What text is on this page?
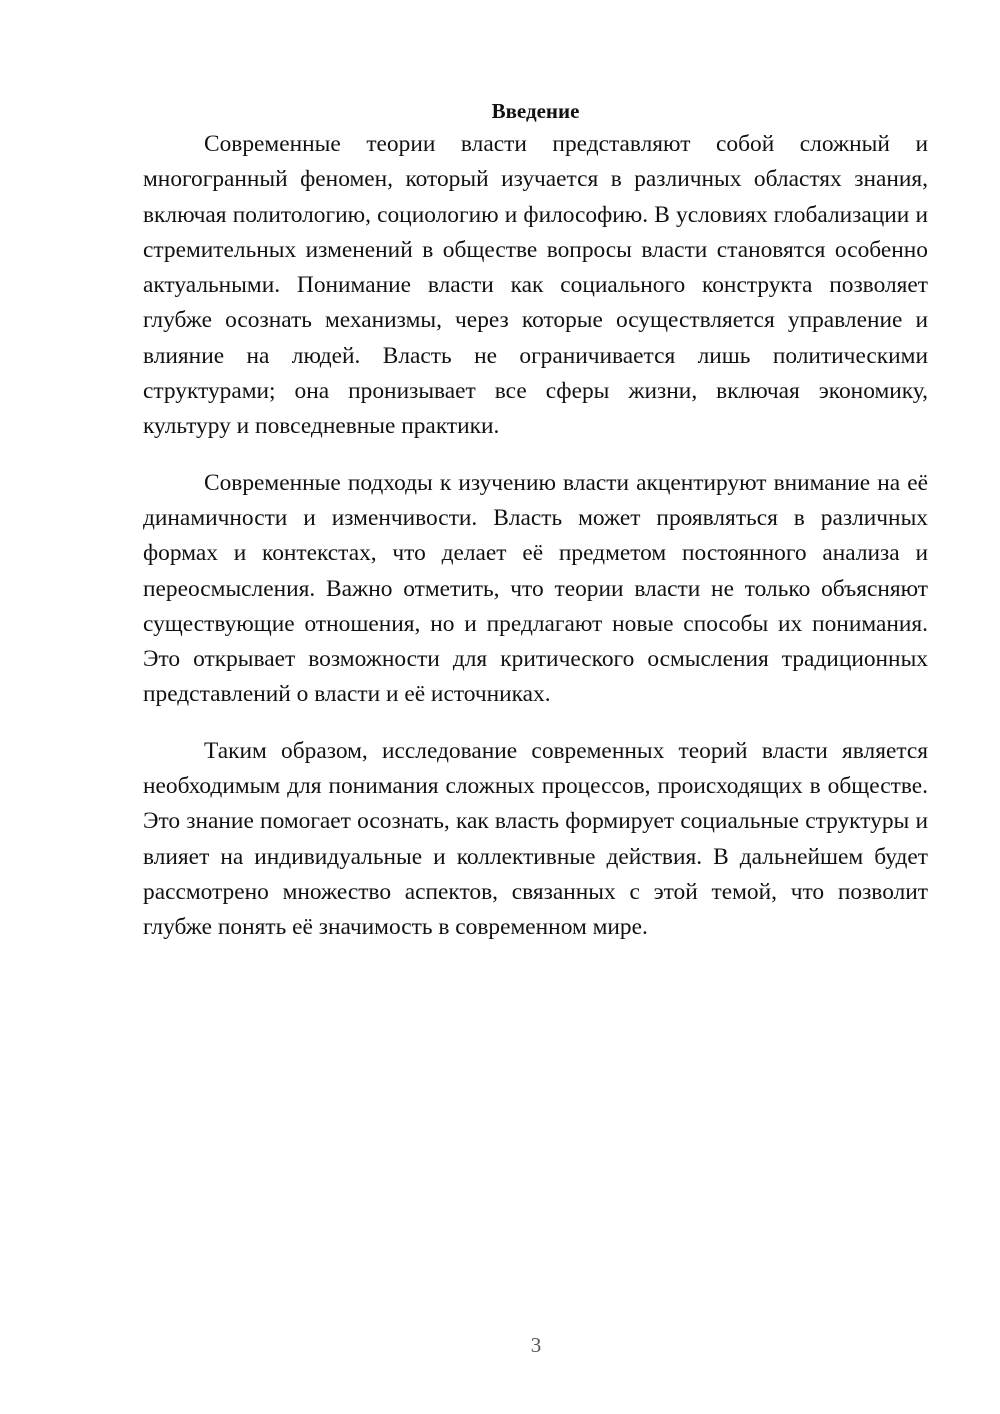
Введение

Современные теории власти представляют собой сложный и многогранный феномен, который изучается в различных областях знания, включая политологию, социологию и философию. В условиях глобализации и стремительных изменений в обществе вопросы власти становятся особенно актуальными. Понимание власти как социального конструкта позволяет глубже осознать механизмы, через которые осуществляется управление и влияние на людей. Власть не ограничивается лишь политическими структурами; она пронизывает все сферы жизни, включая экономику, культуру и повседневные практики.

Современные подходы к изучению власти акцентируют внимание на её динамичности и изменчивости. Власть может проявляться в различных формах и контекстах, что делает её предметом постоянного анализа и переосмысления. Важно отметить, что теории власти не только объясняют существующие отношения, но и предлагают новые способы их понимания. Это открывает возможности для критического осмысления традиционных представлений о власти и её источниках.

Таким образом, исследование современных теорий власти является необходимым для понимания сложных процессов, происходящих в обществе. Это знание помогает осознать, как власть формирует социальные структуры и влияет на индивидуальные и коллективные действия. В дальнейшем будет рассмотрено множество аспектов, связанных с этой темой, что позволит глубже понять её значимость в современном мире.

3
